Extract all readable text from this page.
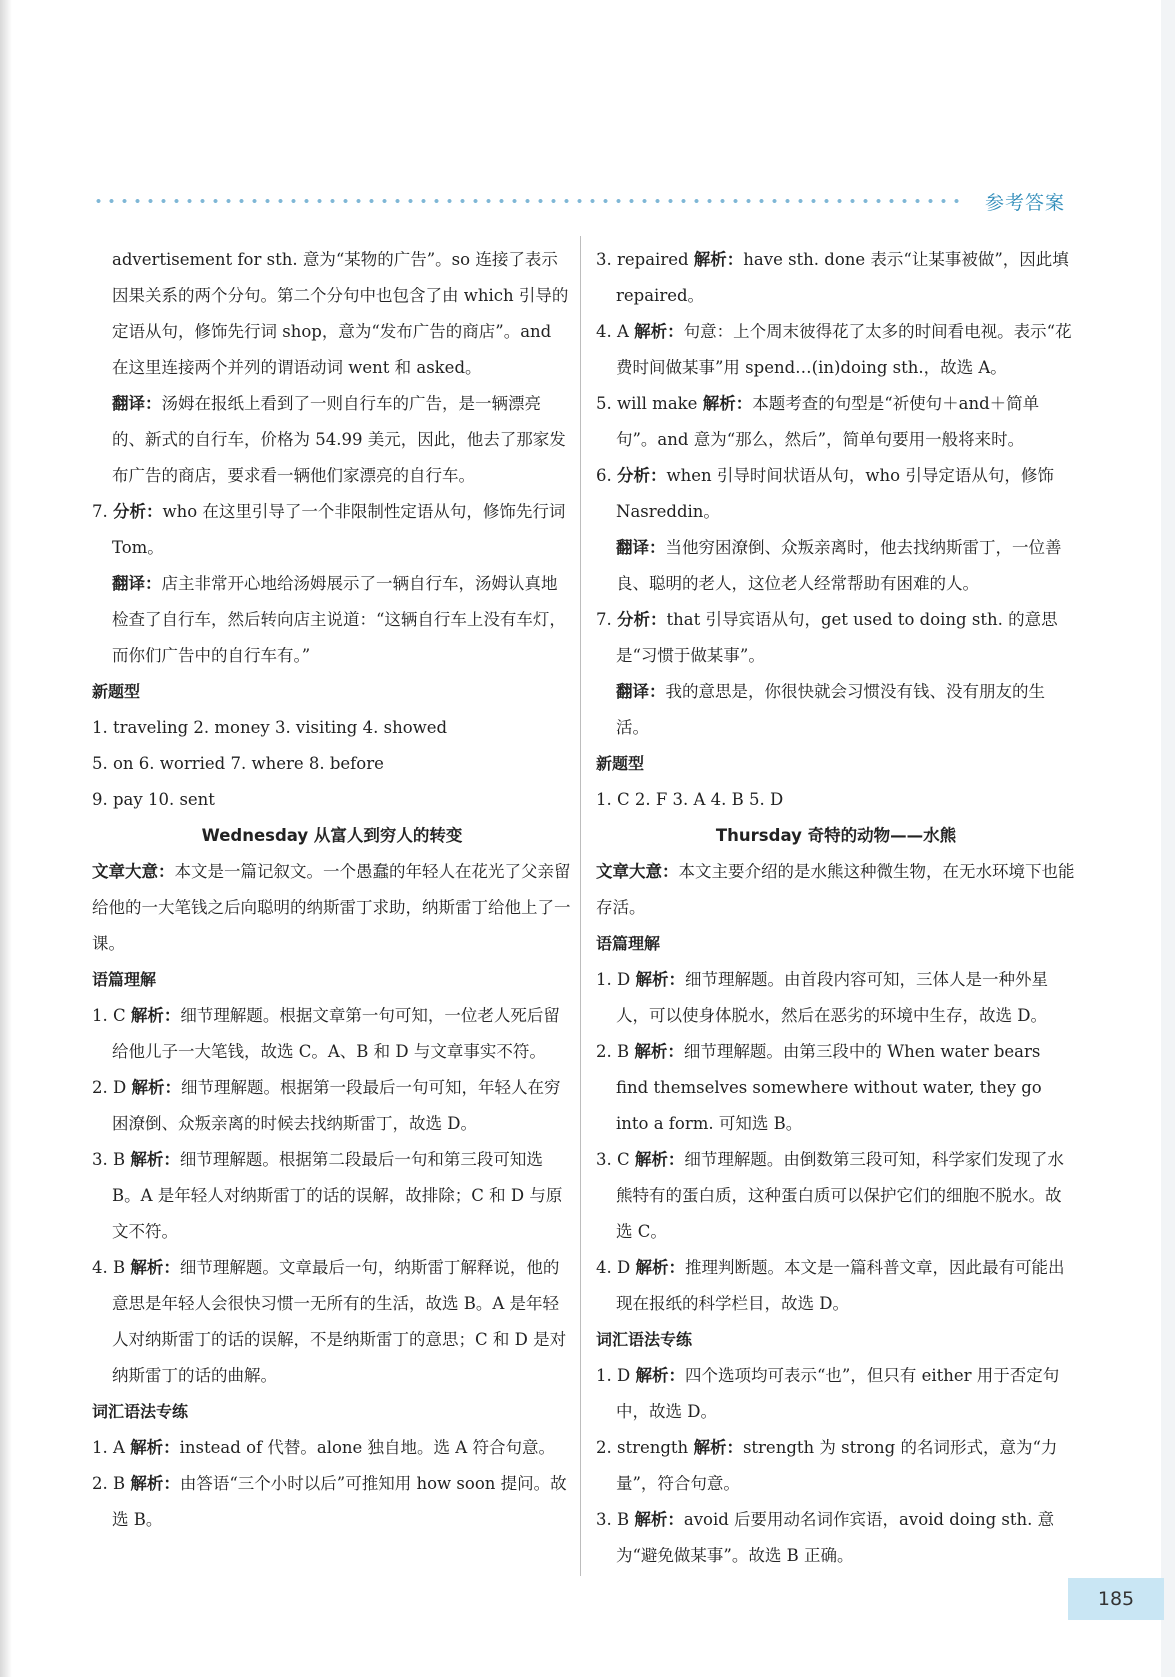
参考答案

advertisement for sth. 意为“某物的广告”。so 连接了表示因果关系的两个分句。第二个分句中也包含了由 which 引导的定语从句，修饰先行词 shop，意为“发布广告的商店”。and 在这里连接两个并列的谓语动词 went 和 asked。

翻译：汤姆在报纸上看到了一则自行车的广告，是一辆漂亮的、新式的自行车，价格为 54.99 美元，因此，他去了那家发布广告的商店，要求看一辆他们家漂亮的自行车。

7. 分析：who 在这里引导了一个非限制性定语从句，修饰先行词 Tom。

翻译：店主非常开心地给汤姆展示了一辆自行车，汤姆认真地检查了自行车，然后转向店主说道：“这辆自行车上没有车灯，而你们广告中的自行车有。”

新题型

1. traveling 2. money 3. visiting 4. showed

5. on 6. worried 7. where 8. before

9. pay 10. sent

Wednesday 从富人到穷人的转变

文章大意：本文是一篇记叙文。一个愚蠢的年轻人在花光了父亲留给他的一大笔钱之后向聪明的纳斯雷丁求助，纳斯雷丁给他上了一课。

语篇理解

1. C 解析：细节理解题。根据文章第一句可知，一位老人死后留给他儿子一大笔钱，故选 C。A、B 和 D 与文章事实不符。

2. D 解析：细节理解题。根据第一段最后一句可知，年轻人在穷困潦倒、众叛亲离的时候去找纳斯雷丁，故选 D。

3. B 解析：细节理解题。根据第二段最后一句和第三段可知选 B。A 是年轻人对纳斯雷丁的话的误解，故排除；C 和 D 与原文不符。

4. B 解析：细节理解题。文章最后一句，纳斯雷丁解释说，他的意思是年轻人会很快习惯一无所有的生活，故选 B。A 是年轻人对纳斯雷丁的话的误解，不是纳斯雷丁的意思；C 和 D 是对纳斯雷丁的话的曲解。

词汇语法专练

1. A 解析：instead of 代替。alone 独自地。选 A 符合句意。

2. B 解析：由答语“三个小时以后”可推知用 how soon 提问。故选 B。

3. repaired 解析：have sth. done 表示“让某事被做”，因此填 repaired。

4. A 解析：句意：上个周末彼得花了太多的时间看电视。表示“花费时间做某事”用 spend…(in)doing sth.，故选 A。

5. will make 解析：本题考查的句型是“祈使句＋and＋简单句”。and 意为“那么，然后”，简单句要用一般将来时。

6. 分析：when 引导时间状语从句，who 引导定语从句，修饰 Nasreddin。

翻译：当他穷困潦倒、众叛亲离时，他去找纳斯雷丁，一位善良、聪明的老人，这位老人经常帮助有困难的人。

7. 分析：that 引导宾语从句，get used to doing sth. 的意思是“习惯于做某事”。

翻译：我的意思是，你很快就会习惯没有钱、没有朋友的生活。

新题型

1. C 2. F 3. A 4. B 5. D

Thursday 奇特的动物——水熊

文章大意：本文主要介绍的是水熊这种微生物，在无水环境下也能存活。

语篇理解

1. D 解析：细节理解题。由首段内容可知，三体人是一种外星人，可以使身体脱水，然后在恶劣的环境中生存，故选 D。

2. B 解析：细节理解题。由第三段中的 When water bears find themselves somewhere without water, they go into a form. 可知选 B。

3. C 解析：细节理解题。由倒数第三段可知，科学家们发现了水熊特有的蛋白质，这种蛋白质可以保护它们的细胞不脱水。故选 C。

4. D 解析：推理判断题。本文是一篇科普文章，因此最有可能出现在报纸的科学栏目，故选 D。

词汇语法专练

1. D 解析：四个选项均可表示“也”，但只有 either 用于否定句中，故选 D。

2. strength 解析：strength 为 strong 的名词形式，意为“力量”，符合句意。

3. B 解析：avoid 后要用动名词作宾语，avoid doing sth. 意为“避免做某事”。故选 B 正确。

185
